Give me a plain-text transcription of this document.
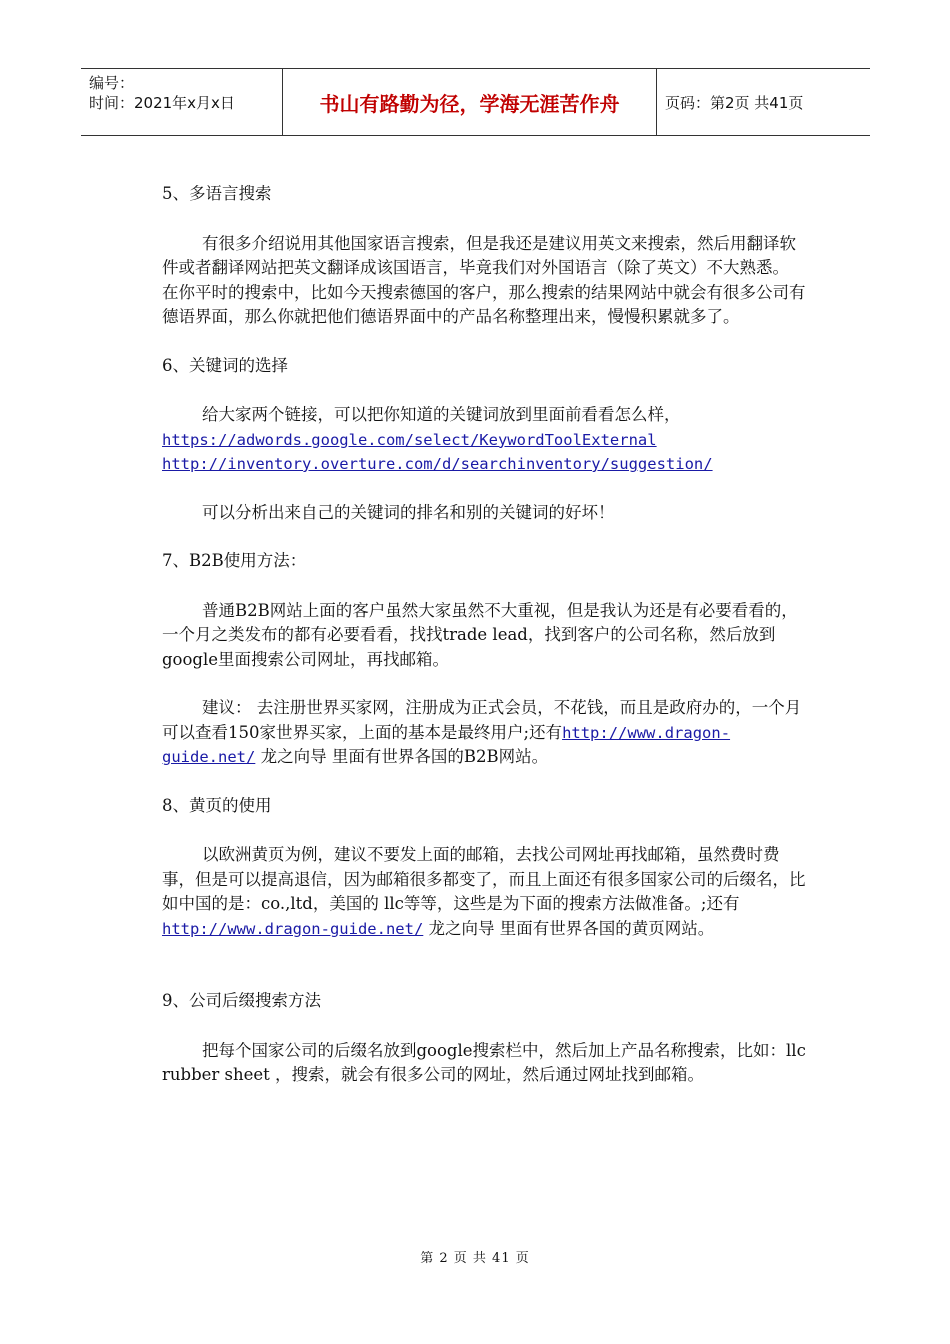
编号：
时间：2021年x月x日	书山有路勤为径，学海无涯苦作舟	页码：第2页 共41页

5、多语言搜索

有很多介绍说用其他国家语言搜索，但是我还是建议用英文来搜索，然后用翻译软件或者翻译网站把英文翻译成该国语言，毕竟我们对外国语言（除了英文）不大熟悉。

在你平时的搜索中，比如今天搜索德国的客户，那么搜索的结果网站中就会有很多公司有德语界面，那么你就把他们德语界面中的产品名称整理出来，慢慢积累就多了。

6、关键词的选择

给大家两个链接，可以把你知道的关键词放到里面前看看怎么样，

https://adwords.google.com/select/KeywordToolExternal

http://inventory.overture.com/d/searchinventory/suggestion/

可以分析出来自己的关键词的排名和别的关键词的好坏！

7、B2B使用方法：

普通B2B网站上面的客户虽然大家虽然不大重视，但是我认为还是有必要看看的，一个月之类发布的都有必要看看，找找trade lead，找到客户的公司名称，然后放到google里面搜索公司网址，再找邮箱。

建议： 去注册世界买家网，注册成为正式会员，不花钱，而且是政府办的，一个月可以查看150家世界买家，上面的基本是最终用户;还有http://www.dragon-guide.net/ 龙之向导 里面有世界各国的B2B网站。

8、黄页的使用

以欧洲黄页为例，建议不要发上面的邮箱，去找公司网址再找邮箱，虽然费时费事，但是可以提高退信，因为邮箱很多都变了，而且上面还有很多国家公司的后缀名，比如中国的是：co.,ltd，美国的 llc等等，这些是为下面的搜索方法做准备。;还有http://www.dragon-guide.net/ 龙之向导 里面有世界各国的黄页网站。

9、公司后缀搜索方法

把每个国家公司的后缀名放到google搜索栏中，然后加上产品名称搜索，比如：llc rubber sheet ，搜索，就会有很多公司的网址，然后通过网址找到邮箱。

第 2 页 共 41 页
